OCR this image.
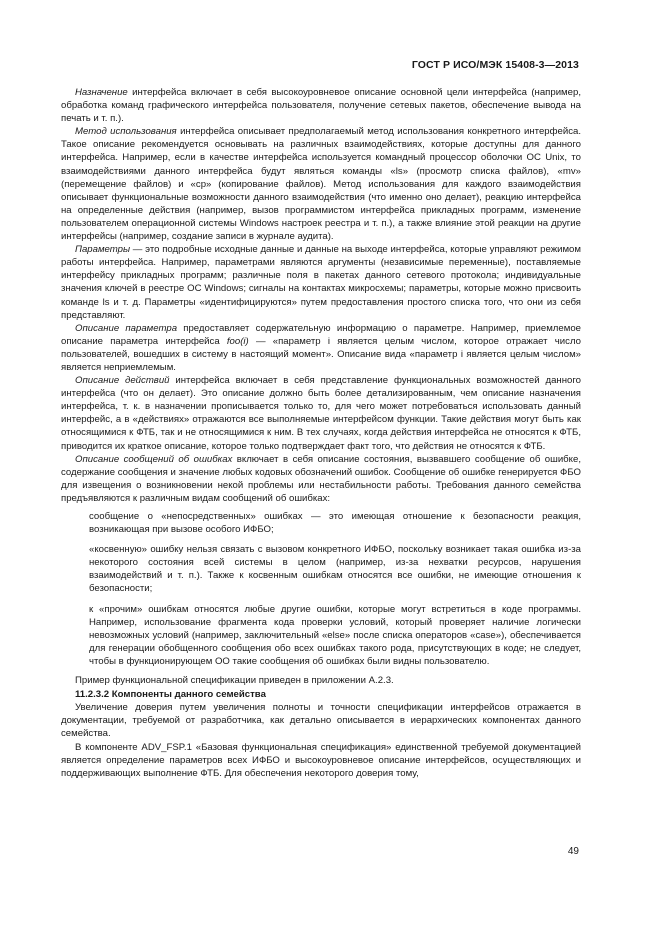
ГОСТ Р ИСО/МЭК 15408-3—2013

Назначение интерфейса включает в себя высокоуровневое описание основной цели интерфейса (например, обработка команд графического интерфейса пользователя, получение сетевых пакетов, обеспечение вывода на печать и т. п.).

Метод использования интерфейса описывает предполагаемый метод использования конкретного интерфейса. Такое описание рекомендуется основывать на различных взаимодействиях, которые доступны для данного интерфейса. Например, если в качестве интерфейса используется командный процессор оболочки ОС Unix, то взаимодействиями данного интерфейса будут являться команды «ls» (просмотр списка файлов), «mv» (перемещение файлов) и «cp» (копирование файлов). Метод использования для каждого взаимодействия описывает функциональные возможности данного взаимодействия (что именно оно делает), реакцию интерфейса на определенные действия (например, вызов программистом интерфейса прикладных программ, изменение пользователем операционной системы Windows настроек реестра и т. п.), а также влияние этой реакции на другие интерфейсы (например, создание записи в журнале аудита).

Параметры — это подробные исходные данные и данные на выходе интерфейса, которые управляют режимом работы интерфейса. Например, параметрами являются аргументы (независимые переменные), поставляемые интерфейсу прикладных программ; различные поля в пакетах данного сетевого протокола; индивидуальные значения ключей в реестре ОС Windows; сигналы на контактах микросхемы; параметры, которые можно присвоить команде ls и т. д. Параметры «идентифицируются» путем предоставления простого списка того, что они из себя представляют.

Описание параметра предоставляет содержательную информацию о параметре. Например, приемлемое описание параметра интерфейса foo(i) — «параметр i является целым числом, которое отражает число пользователей, вошедших в систему в настоящий момент». Описание вида «параметр i является целым числом» является неприемлемым.

Описание действий интерфейса включает в себя представление функциональных возможностей данного интерфейса (что он делает). Это описание должно быть более детализированным, чем описание назначения интерфейса, т. к. в назначении прописывается только то, для чего может потребоваться использовать данный интерфейс, а в «действиях» отражаются все выполняемые интерфейсом функции. Такие действия могут быть как относящимися к ФТБ, так и не относящимися к ним. В тех случаях, когда действия интерфейса не относятся к ФТБ, приводится их краткое описание, которое только подтверждает факт того, что действия не относятся к ФТБ.

Описание сообщений об ошибках включает в себя описание состояния, вызвавшего сообщение об ошибке, содержание сообщения и значение любых кодовых обозначений ошибок. Сообщение об ошибке генерируется ФБО для извещения о возникновении некой проблемы или нестабильности работы. Требования данного семейства предъявляются к различным видам сообщений об ошибках:

сообщение о «непосредственных» ошибках — это имеющая отношение к безопасности реакция, возникающая при вызове особого ИФБО;

«косвенную» ошибку нельзя связать с вызовом конкретного ИФБО, поскольку возникает такая ошибка из-за некоторого состояния всей системы в целом (например, из-за нехватки ресурсов, нарушения взаимодействий и т. п.). Также к косвенным ошибкам относятся все ошибки, не имеющие отношения к безопасности;

к «прочим» ошибкам относятся любые другие ошибки, которые могут встретиться в коде программы. Например, использование фрагмента кода проверки условий, который проверяет наличие логически невозможных условий (например, заключительный «else» после списка операторов «case»), обеспечивается для генерации обобщенного сообщения обо всех ошибках такого рода, присутствующих в коде; не следует, чтобы в функционирующем ОО такие сообщения об ошибках были видны пользователю.

Пример функциональной спецификации приведен в приложении А.2.3.

11.2.3.2 Компоненты данного семейства

Увеличение доверия путем увеличения полноты и точности спецификации интерфейсов отражается в документации, требуемой от разработчика, как детально описывается в иерархических компонентах данного семейства.

В компоненте ADV_FSP.1 «Базовая функциональная спецификация» единственной требуемой документацией является определение параметров всех ИФБО и высокоуровневое описание интерфейсов, осуществляющих и поддерживающих выполнение ФТБ. Для обеспечения некоторого доверия тому,

49
